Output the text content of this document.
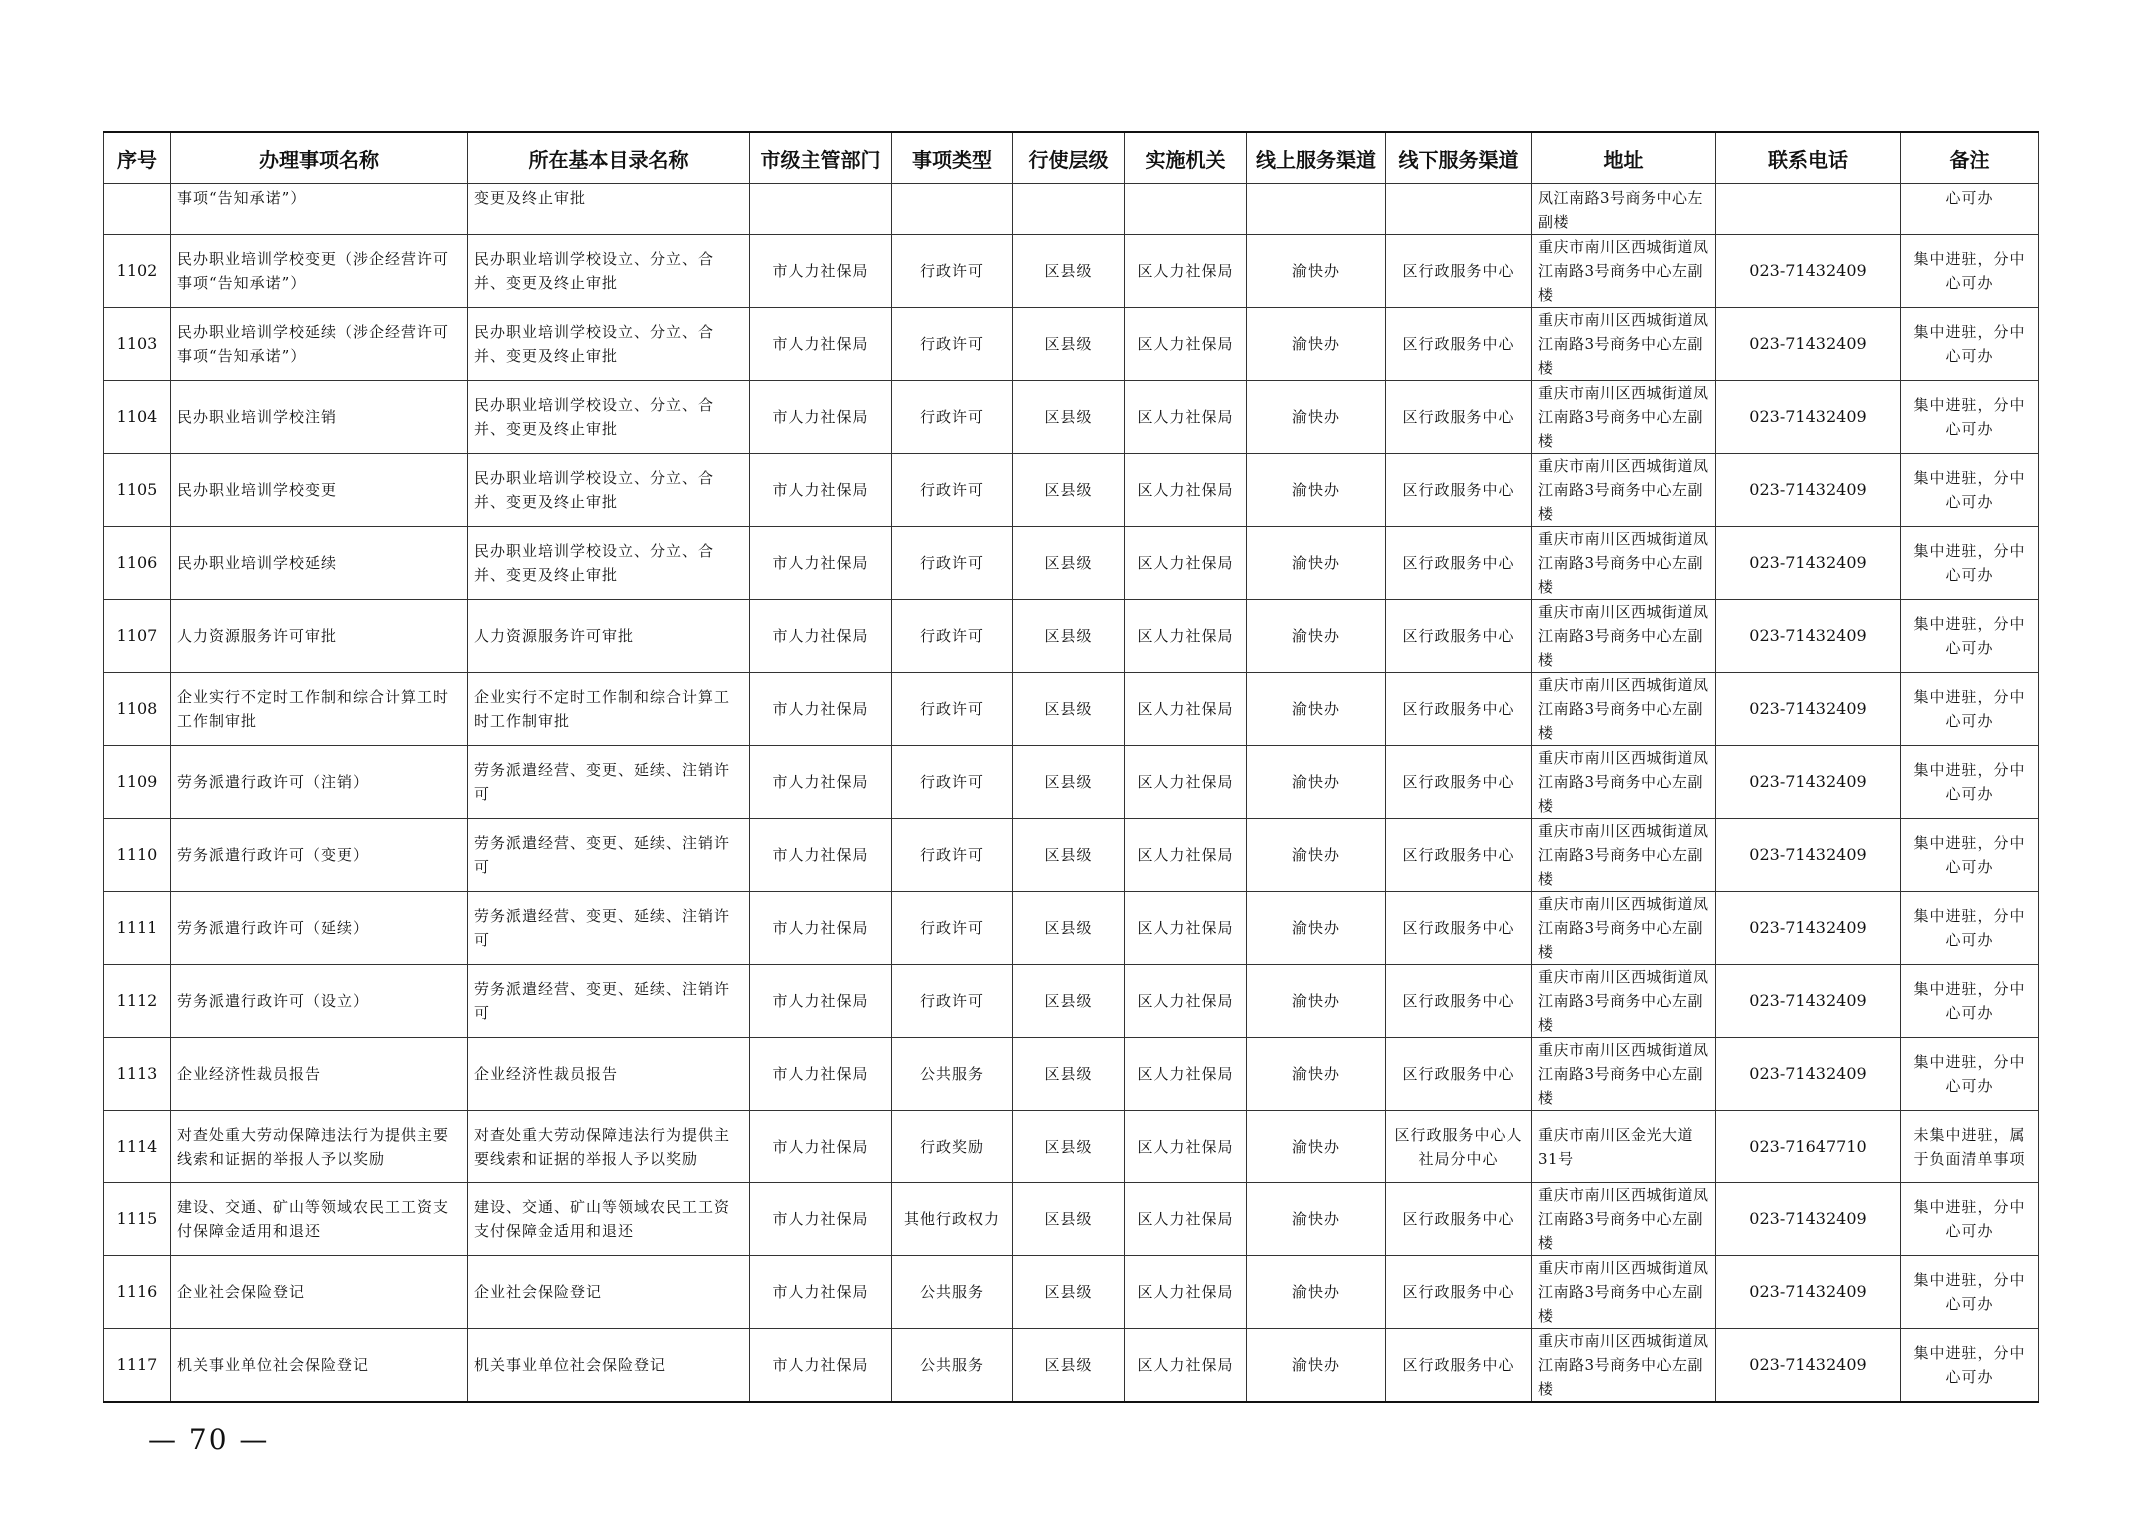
序号	办理事项名称	所在基本目录名称	市级主管部门	事项类型	行使层级	实施机关	线上服务渠道	线下服务渠道	地址	联系电话	备注
	事项“告知承诺”）	变更及终止审批							凤江南路3号商务中心左副楼		心可办
1102	民办职业培训学校变更（涉企经营许可事项“告知承诺”）	民办职业培训学校设立、分立、合并、变更及终止审批	市人力社保局	行政许可	区县级	区人力社保局	渝快办	区行政服务中心	重庆市南川区西城街道凤江南路3号商务中心左副楼	023-71432409	集中进驻，分中心可办
1103	民办职业培训学校延续（涉企经营许可事项“告知承诺”）	民办职业培训学校设立、分立、合并、变更及终止审批	市人力社保局	行政许可	区县级	区人力社保局	渝快办	区行政服务中心	重庆市南川区西城街道凤江南路3号商务中心左副楼	023-71432409	集中进驻，分中心可办
1104	民办职业培训学校注销	民办职业培训学校设立、分立、合并、变更及终止审批	市人力社保局	行政许可	区县级	区人力社保局	渝快办	区行政服务中心	重庆市南川区西城街道凤江南路3号商务中心左副楼	023-71432409	集中进驻，分中心可办
1105	民办职业培训学校变更	民办职业培训学校设立、分立、合并、变更及终止审批	市人力社保局	行政许可	区县级	区人力社保局	渝快办	区行政服务中心	重庆市南川区西城街道凤江南路3号商务中心左副楼	023-71432409	集中进驻，分中心可办
1106	民办职业培训学校延续	民办职业培训学校设立、分立、合并、变更及终止审批	市人力社保局	行政许可	区县级	区人力社保局	渝快办	区行政服务中心	重庆市南川区西城街道凤江南路3号商务中心左副楼	023-71432409	集中进驻，分中心可办
1107	人力资源服务许可审批	人力资源服务许可审批	市人力社保局	行政许可	区县级	区人力社保局	渝快办	区行政服务中心	重庆市南川区西城街道凤江南路3号商务中心左副楼	023-71432409	集中进驻，分中心可办
1108	企业实行不定时工作制和综合计算工时工作制审批	企业实行不定时工作制和综合计算工时工作制审批	市人力社保局	行政许可	区县级	区人力社保局	渝快办	区行政服务中心	重庆市南川区西城街道凤江南路3号商务中心左副楼	023-71432409	集中进驻，分中心可办
1109	劳务派遣行政许可（注销）	劳务派遣经营、变更、延续、注销许可	市人力社保局	行政许可	区县级	区人力社保局	渝快办	区行政服务中心	重庆市南川区西城街道凤江南路3号商务中心左副楼	023-71432409	集中进驻，分中心可办
1110	劳务派遣行政许可（变更）	劳务派遣经营、变更、延续、注销许可	市人力社保局	行政许可	区县级	区人力社保局	渝快办	区行政服务中心	重庆市南川区西城街道凤江南路3号商务中心左副楼	023-71432409	集中进驻，分中心可办
1111	劳务派遣行政许可（延续）	劳务派遣经营、变更、延续、注销许可	市人力社保局	行政许可	区县级	区人力社保局	渝快办	区行政服务中心	重庆市南川区西城街道凤江南路3号商务中心左副楼	023-71432409	集中进驻，分中心可办
1112	劳务派遣行政许可（设立）	劳务派遣经营、变更、延续、注销许可	市人力社保局	行政许可	区县级	区人力社保局	渝快办	区行政服务中心	重庆市南川区西城街道凤江南路3号商务中心左副楼	023-71432409	集中进驻，分中心可办
1113	企业经济性裁员报告	企业经济性裁员报告	市人力社保局	公共服务	区县级	区人力社保局	渝快办	区行政服务中心	重庆市南川区西城街道凤江南路3号商务中心左副楼	023-71432409	集中进驻，分中心可办
1114	对查处重大劳动保障违法行为提供主要线索和证据的举报人予以奖励	对查处重大劳动保障违法行为提供主要线索和证据的举报人予以奖励	市人力社保局	行政奖励	区县级	区人力社保局	渝快办	区行政服务中心人社局分中心	重庆市南川区金光大道31号	023-71647710	未集中进驻，属于负面清单事项
1115	建设、交通、矿山等领域农民工工资支付保障金适用和退还	建设、交通、矿山等领域农民工工资支付保障金适用和退还	市人力社保局	其他行政权力	区县级	区人力社保局	渝快办	区行政服务中心	重庆市南川区西城街道凤江南路3号商务中心左副楼	023-71432409	集中进驻，分中心可办
1116	企业社会保险登记	企业社会保险登记	市人力社保局	公共服务	区县级	区人力社保局	渝快办	区行政服务中心	重庆市南川区西城街道凤江南路3号商务中心左副楼	023-71432409	集中进驻，分中心可办
1117	机关事业单位社会保险登记	机关事业单位社会保险登记	市人力社保局	公共服务	区县级	区人力社保局	渝快办	区行政服务中心	重庆市南川区西城街道凤江南路3号商务中心左副楼	023-71432409	集中进驻，分中心可办
— 70 —
